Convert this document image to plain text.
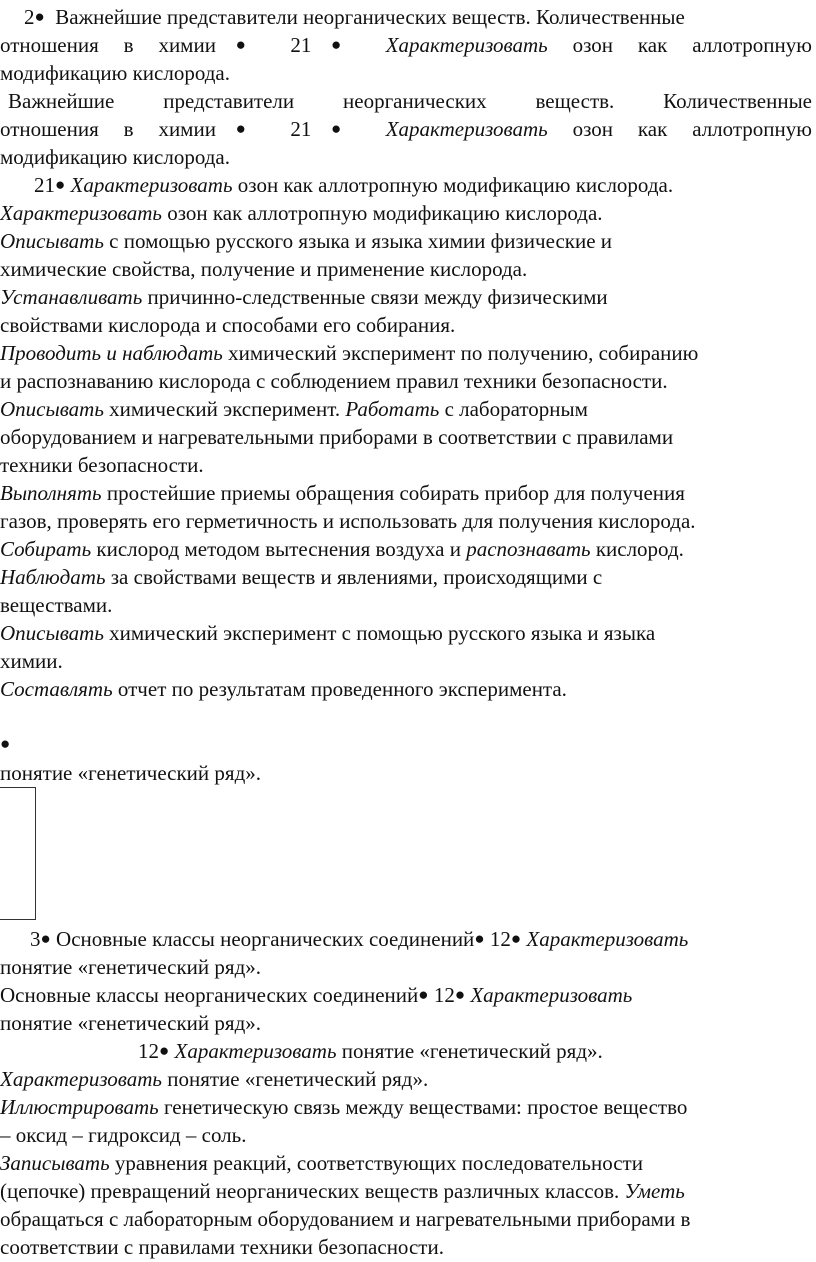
2● Важнейшие представители неорганических веществ. Количественные
отношения в химии● 21● Характеризовать озон как аллотропную
модификацию кислорода.
Важнейшие представители неорганических веществ. Количественные
отношения в химии● 21● Характеризовать озон как аллотропную
модификацию кислорода.
21● Характеризовать озон как аллотропную модификацию кислорода.
Характеризовать озон как аллотропную модификацию кислорода.
Описывать с помощью русского языка и языка химии физические и
химические свойства, получение и применение кислорода.
Устанавливать причинно-следственные связи между физическими
свойствами кислорода и способами его собирания.
Проводить и наблюдать химический эксперимент по получению, собиранию
и распознаванию кислорода с соблюдением правил техники безопасности.
Описывать химический эксперимент. Работать с лабораторным
оборудованием и нагревательными приборами в соответствии с правилами
техники безопасности.
Выполнять простейшие приемы обращения собирать прибор для получения
газов, проверять его герметичность и использовать для получения кислорода.
Собирать кислород методом вытеснения воздуха и распознавать кислород.
Наблюдать за свойствами веществ и явлениями, происходящими с
веществами.
Описывать химический эксперимент с помощью русского языка и языка
химии.
Составлять отчет по результатам проведенного эксперимента.
●
понятие «генетический ряд».
3● Основные классы неорганических соединений● 12● Характеризовать
понятие «генетический ряд».
Основные классы неорганических соединений● 12● Характеризовать
понятие «генетический ряд».
12● Характеризовать понятие «генетический ряд».
Характеризовать понятие «генетический ряд».
Иллюстрировать генетическую связь между веществами: простое вещество
– оксид – гидроксид – соль.
Записывать уравнения реакций, соответствующих последовательности
(цепочке) превращений неорганических веществ различных классов. Уметь
обращаться с лабораторным оборудованием и нагревательными приборами в
соответствии с правилами техники безопасности.
